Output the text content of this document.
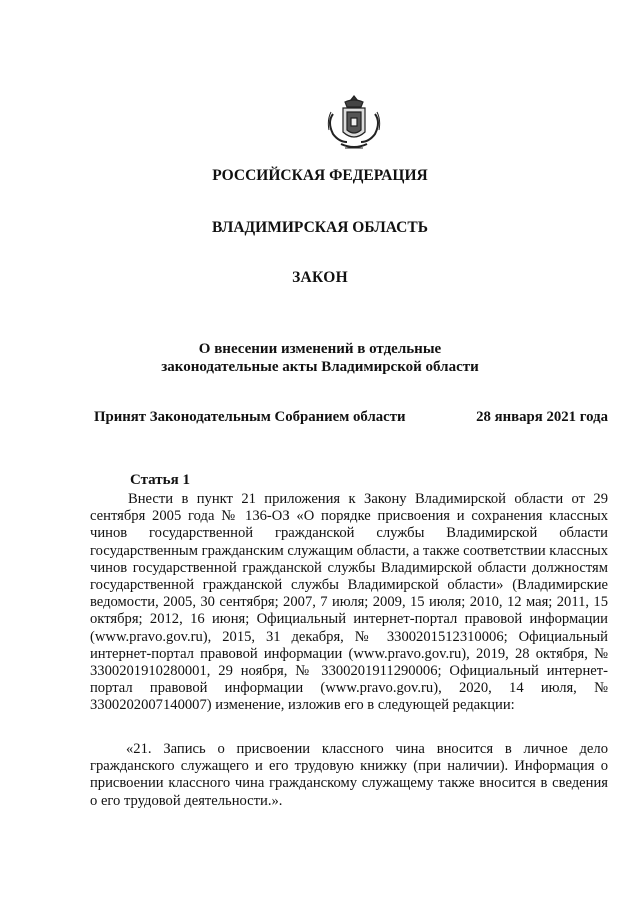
РОССИЙСКАЯ ФЕДЕРАЦИЯ
ВЛАДИМИРСКАЯ ОБЛАСТЬ
ЗАКОН
О внесении изменений в отдельные
законодательные акты Владимирской области
Принят Законодательным Собранием области	28 января 2021 года
Статья 1
Внести в пункт 21 приложения к Закону Владимирской области от 29 сентября 2005 года № 136-ОЗ «О порядке присвоения и сохранения классных чинов государственной гражданской службы Владимирской области государственным гражданским служащим области, а также соответствии классных чинов государственной гражданской службы Владимирской области должностям государственной гражданской службы Владимирской области» (Владимирские ведомости, 2005, 30 сентября; 2007, 7 июля; 2009, 15 июля; 2010, 12 мая; 2011, 15 октября; 2012, 16 июня; Официальный интернет-портал правовой информации (www.pravo.gov.ru), 2015, 31 декабря, № 3300201512310006; Официальный интернет-портал правовой информации (www.pravo.gov.ru), 2019, 28 октября, № 3300201910280001, 29 ноября, № 3300201911290006; Официальный интернет-портал правовой информации (www.pravo.gov.ru), 2020, 14 июля, № 3300202007140007) изменение, изложив его в следующей редакции:
«21. Запись о присвоении классного чина вносится в личное дело гражданского служащего и его трудовую книжку (при наличии). Информация о присвоении классного чина гражданскому служащему также вносится в сведения о его трудовой деятельности.».
